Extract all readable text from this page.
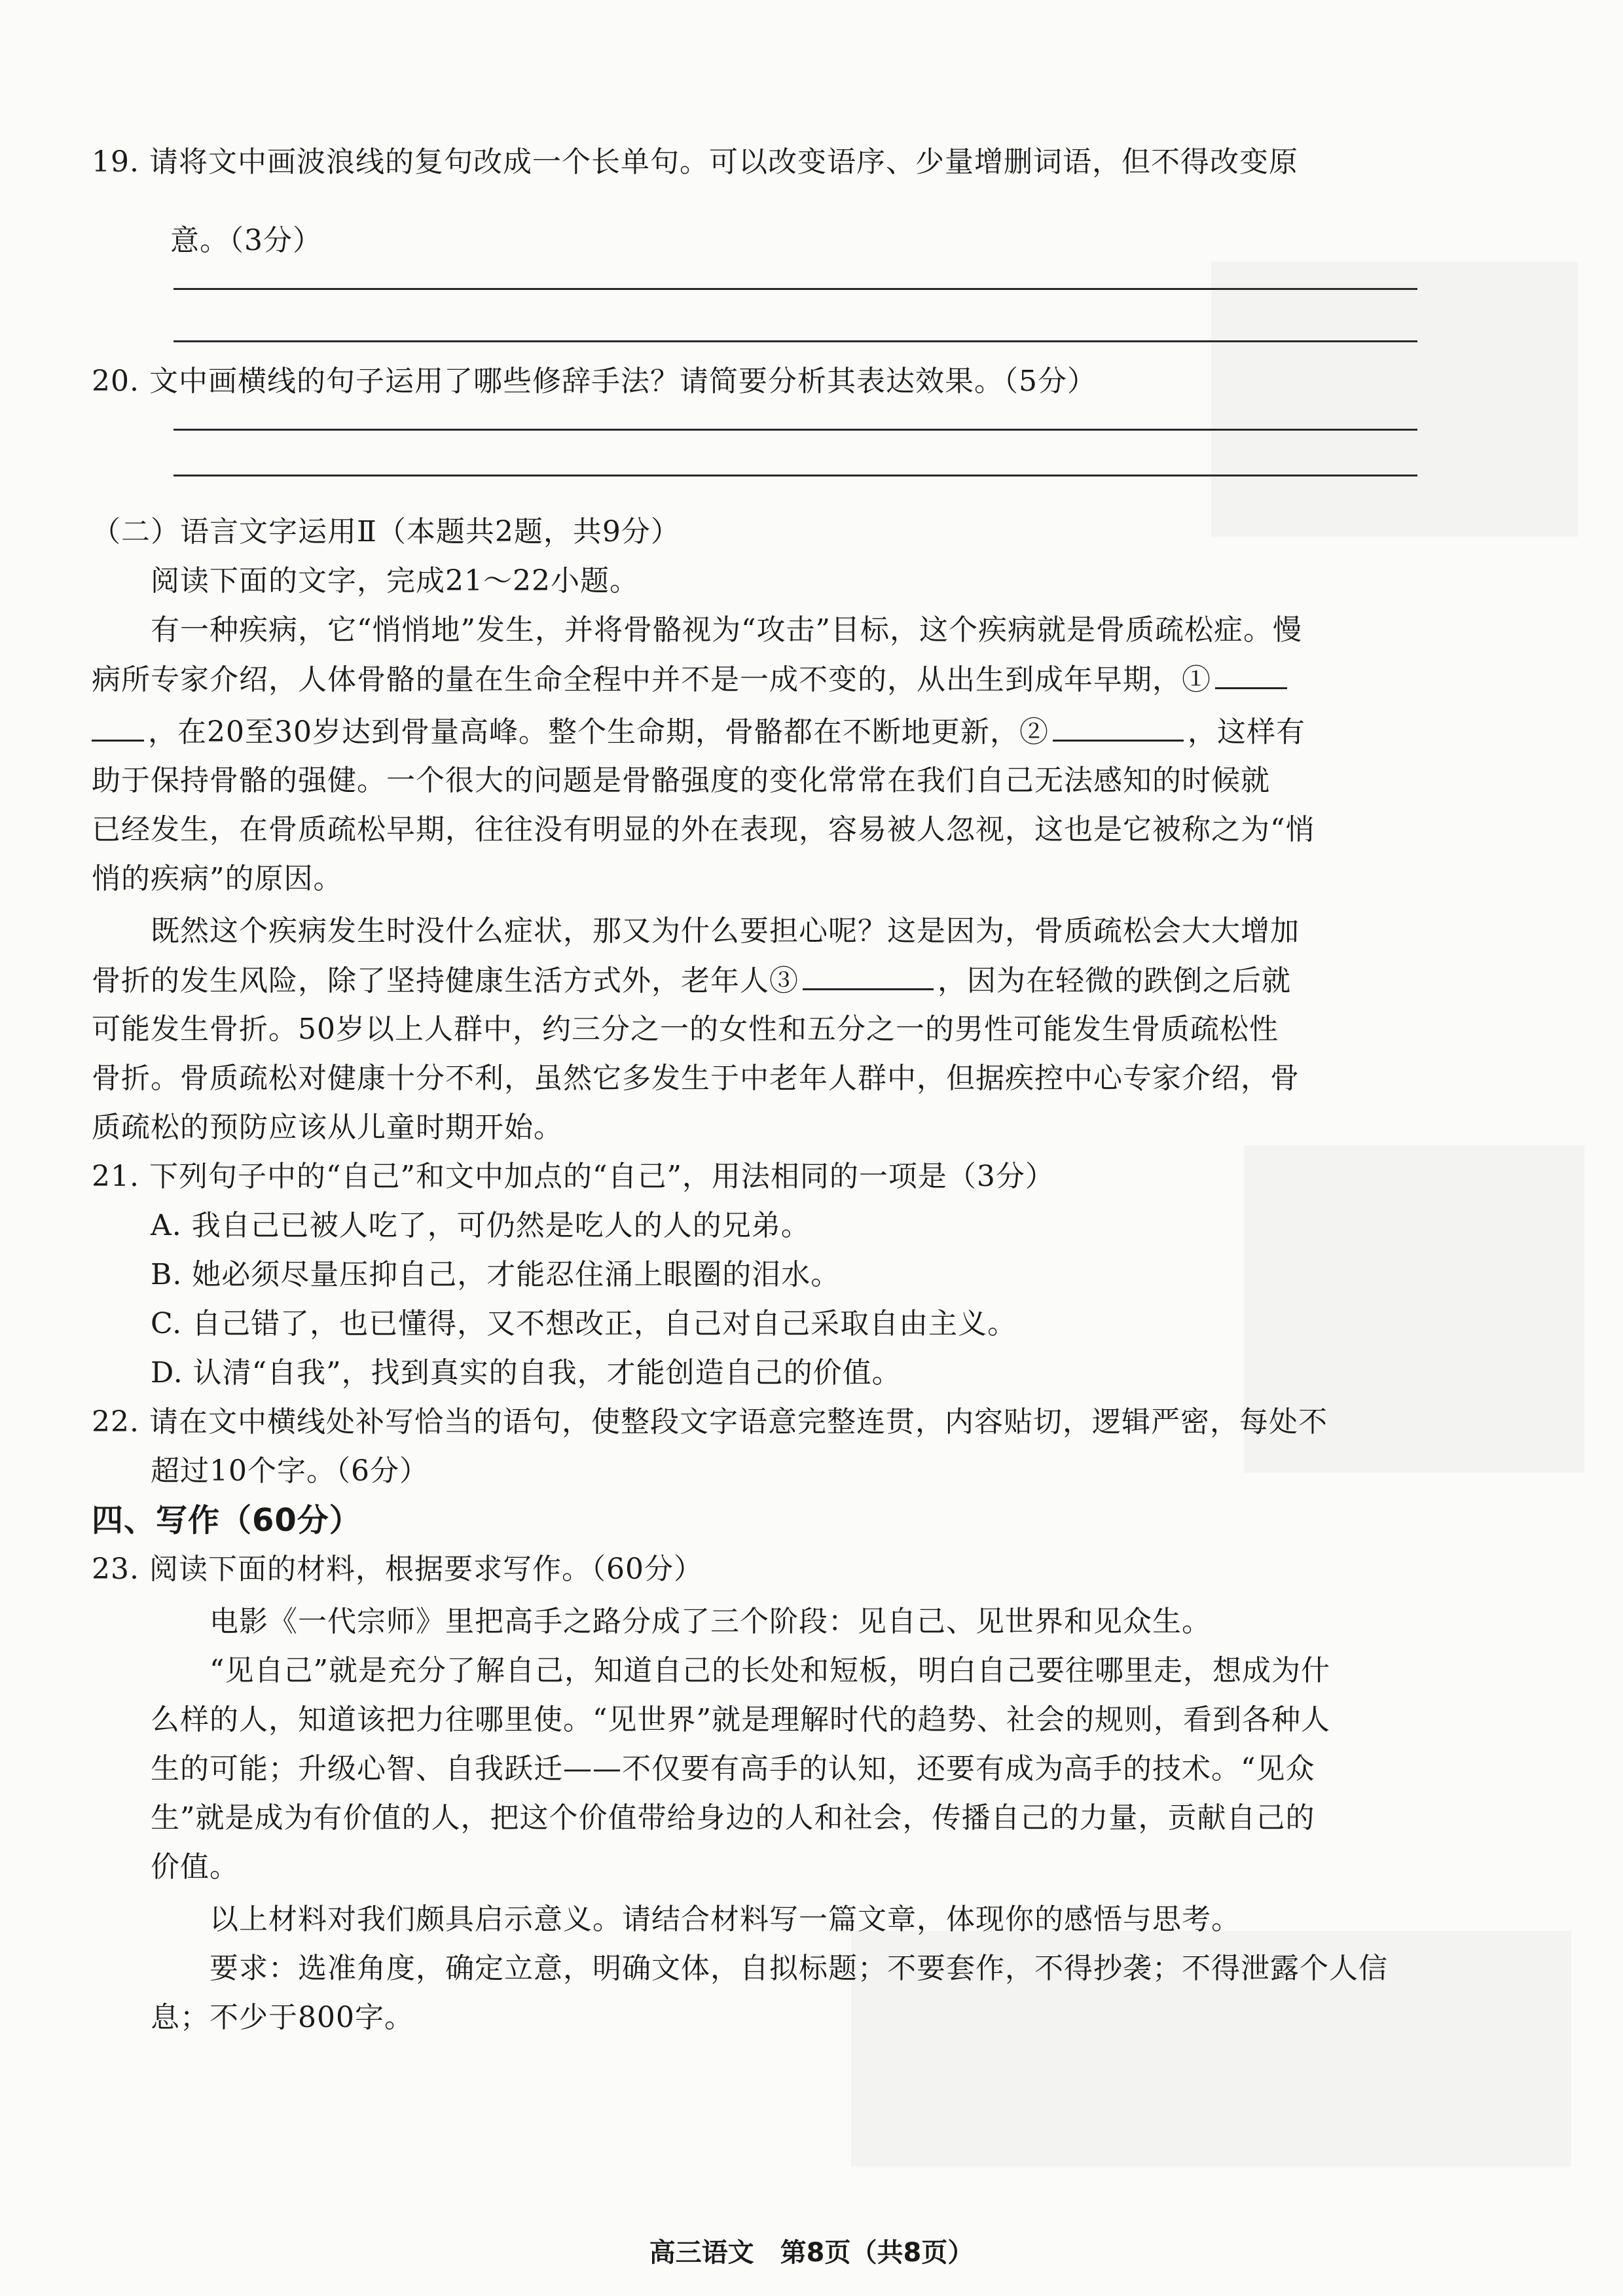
19. 请将文中画波浪线的复句改成一个长单句。可以改变语序、少量增删词语，但不得改变原
意。（3分）
20. 文中画横线的句子运用了哪些修辞手法？请简要分析其表达效果。（5分）
（二）语言文字运用Ⅱ（本题共2题，共9分）
阅读下面的文字，完成21～22小题。
有一种疾病，它“悄悄地”发生，并将骨骼视为“攻击”目标，这个疾病就是骨质疏松症。慢
病所专家介绍，人体骨骼的量在生命全程中并不是一成不变的，从出生到成年早期，①
，在20至30岁达到骨量高峰。整个生命期，骨骼都在不断地更新，②	，这样有
助于保持骨骼的强健。一个很大的问题是骨骼强度的变化常常在我们自己无法感知的时候就
已经发生，在骨质疏松早期，往往没有明显的外在表现，容易被人忽视，这也是它被称之为“悄
悄的疾病”的原因。
既然这个疾病发生时没什么症状，那又为什么要担心呢？这是因为，骨质疏松会大大增加
骨折的发生风险，除了坚持健康生活方式外，老年人③	，因为在轻微的跌倒之后就
可能发生骨折。50岁以上人群中，约三分之一的女性和五分之一的男性可能发生骨质疏松性
骨折。骨质疏松对健康十分不利，虽然它多发生于中老年人群中，但据疾控中心专家介绍，骨
质疏松的预防应该从儿童时期开始。
21. 下列句子中的“自己”和文中加点的“自己”，用法相同的一项是（3分）
A. 我自己已被人吃了，可仍然是吃人的人的兄弟。
B. 她必须尽量压抑自己，才能忍住涌上眼圈的泪水。
C. 自己错了，也已懂得，又不想改正，自己对自己采取自由主义。
D. 认清“自我”，找到真实的自我，才能创造自己的价值。
22. 请在文中横线处补写恰当的语句，使整段文字语意完整连贯，内容贴切，逻辑严密，每处不
超过10个字。（6分）
四、写作（60分）
23. 阅读下面的材料，根据要求写作。（60分）
电影《一代宗师》里把高手之路分成了三个阶段：见自己、见世界和见众生。
“见自己”就是充分了解自己，知道自己的长处和短板，明白自己要往哪里走，想成为什
么样的人，知道该把力往哪里使。“见世界”就是理解时代的趋势、社会的规则，看到各种人
生的可能；升级心智、自我跃迁——不仅要有高手的认知，还要有成为高手的技术。“见众
生”就是成为有价值的人，把这个价值带给身边的人和社会，传播自己的力量，贡献自己的
价值。
以上材料对我们颇具启示意义。请结合材料写一篇文章，体现你的感悟与思考。
要求：选准角度，确定立意，明确文体，自拟标题；不要套作，不得抄袭；不得泄露个人信
息；不少于800字。
高三语文　第8页（共8页）
